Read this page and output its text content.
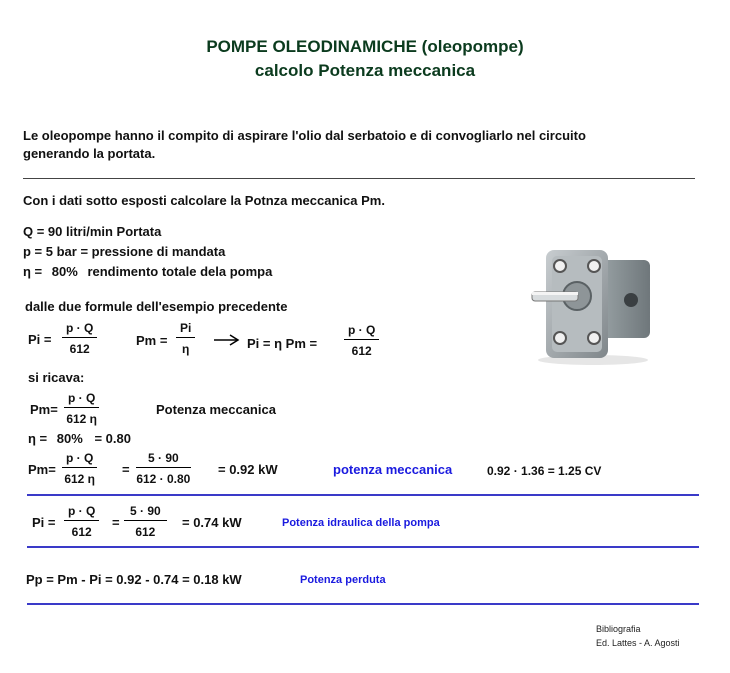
POMPE OLEODINAMICHE (oleopompe)
calcolo Potenza meccanica
Le oleopompe hanno il compito di aspirare l'olio dal serbatoio e di convogliarlo nel circuito
generando la portata.
Con i dati sotto esposti calcolare la Potnza meccanica Pm.
Q = 90 litri/min Portata
p = 5 bar = pressione di mandata
η = 80% rendimento totale dela pompa
dalle due formule dell'esempio precedente
$Pi = \frac{p \cdot Q}{612}$	$Pm = \frac{Pi}{\eta}$	Pi = η $Pm = \frac{p \cdot Q}{612}$
si ricava:
$Pm= \frac{p \cdot Q}{612 \eta}$	Potenza meccanica
η = 80% = 0.80
$Pm= \frac{p \cdot Q}{612 \eta} = \frac{5 \cdot 90}{612 \cdot 0.80} = 0.92$ kW	potenza meccanica	0.92 · 1.36 = 1.25 CV
$Pi = \frac{p \cdot Q}{612} = \frac{5 \cdot 90}{612} = 0.74$ kW	Potenza idraulica della pompa
Pp = Pm - Pi = 0.92 - 0.74 = 0.18 kW	Potenza perduta
Bibliografia
Ed. Lattes - A. Agosti
